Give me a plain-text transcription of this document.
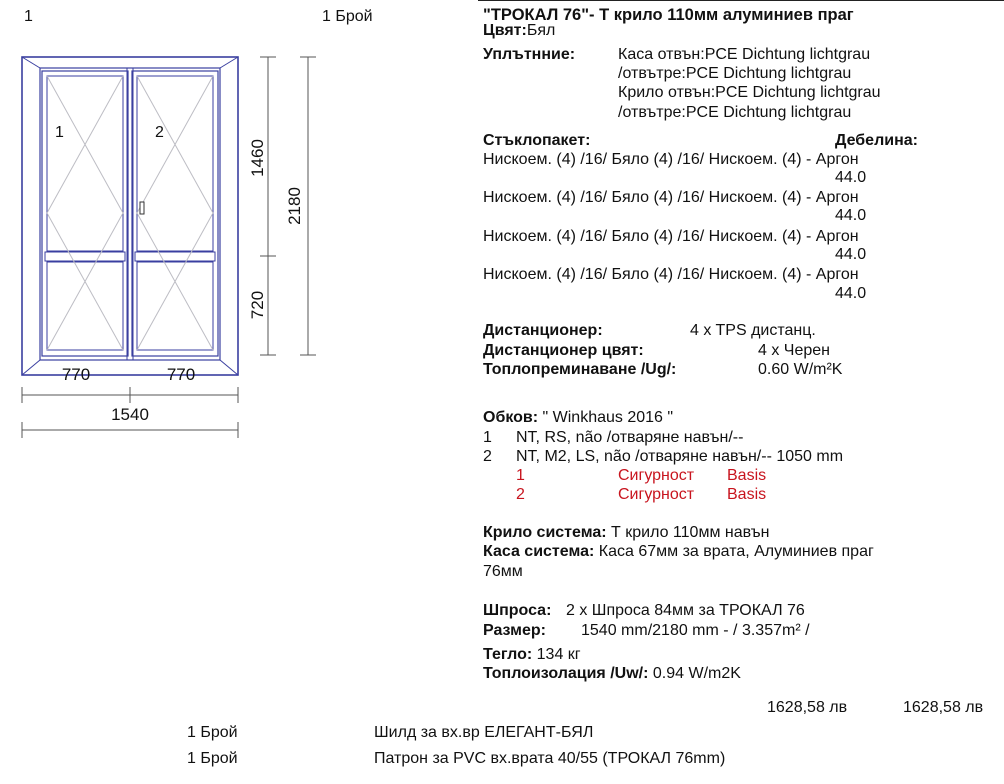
1	1 Брой	"ТРОКАЛ 76"- Т крило 110мм алуминиев праг
Цвят:Бял
1	2
1460
720
2180
770	770
1540
Уплътнние:	Каса отвън:PCE Dichtung lichtgrau
/отвътре:PCE Dichtung lichtgrau
Крило отвън:PCE Dichtung lichtgrau
/отвътре:PCE Dichtung lichtgrau
Стъклопакет:	Дебелина:
Нискоем. (4) /16/ Бяло (4) /16/ Нискоем. (4) - Аргон
44.0
Нискоем. (4) /16/ Бяло (4) /16/ Нискоем. (4) - Аргон
44.0
Нискоем. (4) /16/ Бяло (4) /16/ Нискоем. (4) - Аргон
44.0
Нискоем. (4) /16/ Бяло (4) /16/ Нискоем. (4) - Аргон
44.0
Дистанционер:	4 x TPS дистанц.
Дистанционер цвят:	4 x Черен
Топлопреминаване /Ug/:	0.60 W/m²K
Обков: " Winkhaus 2016 "
1 NT, RS, não /отваряне навън/--
2 NT, M2, LS, não /отваряне навън/-- 1050 mm
1	Сигурност Basis
2	Сигурност Basis
Крило система: Т крило 110мм навън
Каса система: Каса 67мм за врата, Алуминиев праг
76мм
Шпроса: 2 x Шпроса 84мм за ТРОКАЛ 76
Размер: 1540 mm/2180 mm - / 3.357m² /
Тегло: 134 кг
Топлоизолация /Uw/: 0.94 W/m2K
1628,58 лв	1628,58 лв
1 Брой	Шилд за вх.вр ЕЛЕГАНТ-БЯЛ
1 Брой	Патрон за PVC вх.врата 40/55 (ТРОКАЛ 76mm)
